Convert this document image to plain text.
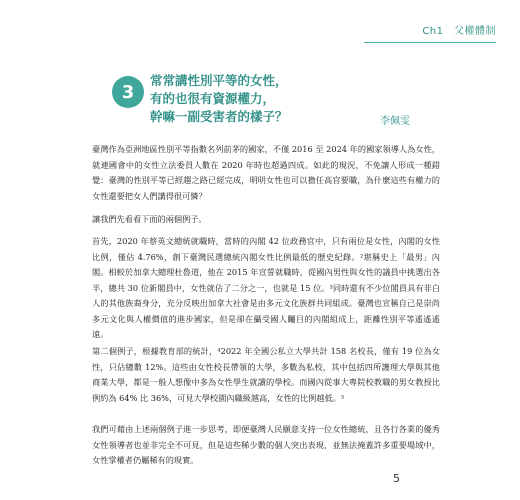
Ch1　父權體制
3
常常講性別平等的女性，
有的也很有資源權力，
幹嘛一副受害者的樣子？	李佩雯

臺灣作為亞洲地區性別平等指數名列前茅的國家，不僅 2016 至 2024 年的國家領導人為女性，就連國會中的女性立法委員人數在 2020 年時也超過四成。如此的現況，不免讓人形成一種錯覺：臺灣的性別平等已經趨之路已經完成，明明女性也可以擔任高官要職，為什麼這些有權力的女性還要把女人們講得很可憐？

讓我們先看看下面的兩個例子。

首先，2020 年蔡英文總統就職時，當時的內閣 42 位政務官中，只有兩位是女性，內閣的女性比例，僅佔 4.76%，創下臺灣民選總統內閣女性比例最低的歷史紀錄。²堪稱史上「最男」內閣。相較於加拿大總理杜魯道，他在 2015 年宣誓就職時，從國內男性與女性的議員中挑選出各半，總共 30 位新閣員中，女性就佔了二分之一，也就是 15 位。³同時還有不少位閣員具有非白人的其他族裔身分，充分反映出加拿大社會是由多元文化族群共同組成。臺灣也宣稱自己是崇尚多元文化與人權價值的進步國家，但是卻在攝受國人矚目的內閣組成上，距離性別平等遙遙遙遠。

第二個例子，根據教育部的統計，⁴2022 年全國公私立大學共計 158 名校長，僅有 19 位為女性，只佔總數 12%。這些由女性校長帶領的大學，多數為私校，其中包括四所護理大學與其他商業大學，都是一般人想像中多為女性學生就讀的學校。而國內從事大專院校教職的男女教授比例約為 64% 比 36%，可見大學校園內職級越高，女性的比例越低。⁵

我們可藉由上述兩個例子進一步思考，即便臺灣人民願意支持一位女性總統，且各行各業的優秀女性領導者也並非完全不可見，但是這些稀少數的個人突出表現，並無法掩蓋許多重要場域中，女性掌權者仍屬稀有的現實。

5
